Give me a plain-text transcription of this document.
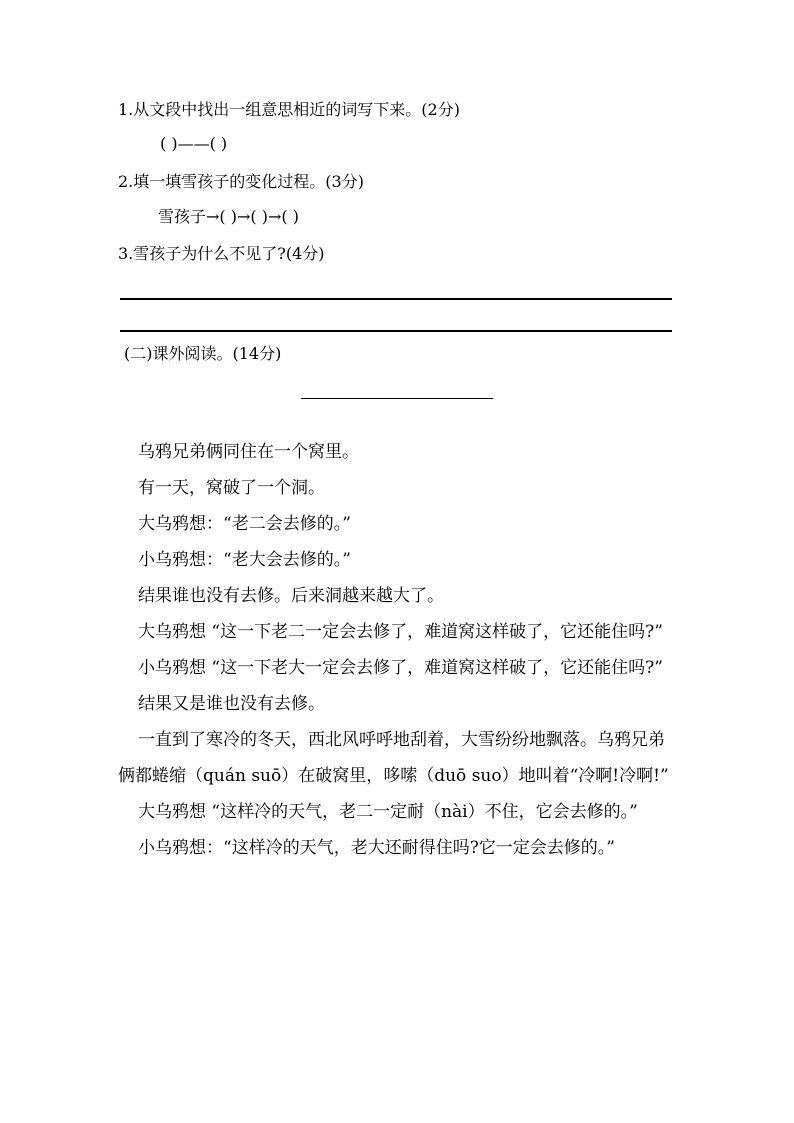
1.从文段中找出一组意思相近的词写下来。(2分)
( )——( )
2.填一填雪孩子的变化过程。(3分)
雪孩子→( )→( )→( )
3.雪孩子为什么不见了?(4分)
(二)课外阅读。(14分)

乌鸦兄弟俩同住在一个窝里。

有一天，窝破了一个洞。

大乌鸦想：“老二会去修的。”

小乌鸦想：“老大会去修的。”

结果谁也没有去修。后来洞越来越大了。

大乌鸦想 “这一下老二一定会去修了，难道窝这样破了，它还能住吗?”

小乌鸦想 “这一下老大一定会去修了，难道窝这样破了，它还能住吗?”

结果又是谁也没有去修。

一直到了寒冷的冬天，西北风呼呼地刮着，大雪纷纷地飘落。乌鸦兄弟俩都蜷缩（quán suō）在破窝里，哆嗦（duō suo）地叫着“冷啊!冷啊!”

大乌鸦想 “这样冷的天气，老二一定耐（nài）不住，它会去修的。”

小乌鸦想：“这样冷的天气，老大还耐得住吗?它一定会去修的。”
